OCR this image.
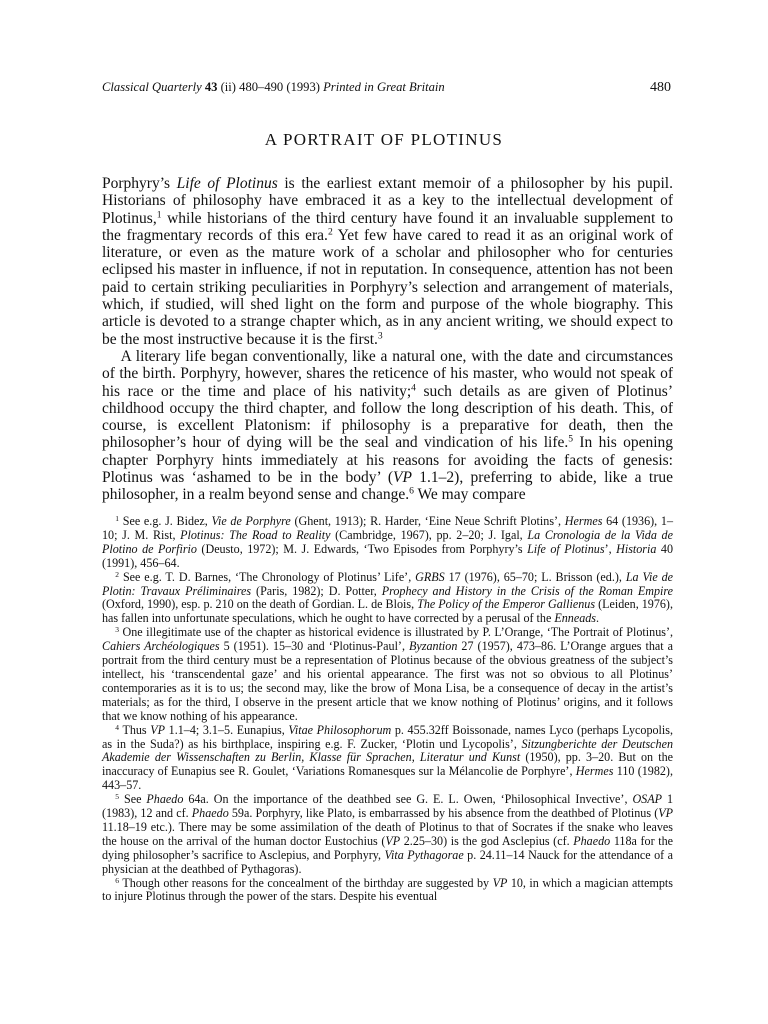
Classical Quarterly 43 (ii) 480–490 (1993) Printed in Great Britain	480
A PORTRAIT OF PLOTINUS

Porphyry’s Life of Plotinus is the earliest extant memoir of a philosopher by his pupil. Historians of philosophy have embraced it as a key to the intellectual development of Plotinus,$^1$ while historians of the third century have found it an invaluable supplement to the fragmentary records of this era.$^2$ Yet few have cared to read it as an original work of literature, or even as the mature work of a scholar and philosopher who for centuries eclipsed his master in influence, if not in reputation. In consequence, attention has not been paid to certain striking peculiarities in Porphyry’s selection and arrangement of materials, which, if studied, will shed light on the form and purpose of the whole biography. This article is devoted to a strange chapter which, as in any ancient writing, we should expect to be the most instructive because it is the first.$^3$

A literary life began conventionally, like a natural one, with the date and circumstances of the birth. Porphyry, however, shares the reticence of his master, who would not speak of his race or the time and place of his nativity;$^4$ such details as are given of Plotinus’ childhood occupy the third chapter, and follow the long description of his death. This, of course, is excellent Platonism: if philosophy is a preparative for death, then the philosopher’s hour of dying will be the seal and vindication of his life.$^5$ In his opening chapter Porphyry hints immediately at his reasons for avoiding the facts of genesis: Plotinus was ‘ashamed to be in the body’ (VP 1.1–2), preferring to abide, like a true philosopher, in a realm beyond sense and change.$^6$ We may compare

$^1$ See e.g. J. Bidez, Vie de Porphyre (Ghent, 1913); R. Harder, ‘Eine Neue Schrift Plotins’, Hermes 64 (1936), 1–10; J. M. Rist, Plotinus: The Road to Reality (Cambridge, 1967), pp. 2–20; J. Igal, La Cronologia de la Vida de Plotino de Porfirio (Deusto, 1972); M. J. Edwards, ‘Two Episodes from Porphyry’s Life of Plotinus’, Historia 40 (1991), 456–64.

$^2$ See e.g. T. D. Barnes, ‘The Chronology of Plotinus’ Life’, GRBS 17 (1976), 65–70; L. Brisson (ed.), La Vie de Plotin: Travaux Préliminaires (Paris, 1982); D. Potter, Prophecy and History in the Crisis of the Roman Empire (Oxford, 1990), esp. p. 210 on the death of Gordian. L. de Blois, The Policy of the Emperor Gallienus (Leiden, 1976), has fallen into unfortunate speculations, which he ought to have corrected by a perusal of the Enneads.

$^3$ One illegitimate use of the chapter as historical evidence is illustrated by P. L’Orange, ‘The Portrait of Plotinus’, Cahiers Archéologiques 5 (1951). 15–30 and ‘Plotinus-Paul’, Byzantion 27 (1957), 473–86. L’Orange argues that a portrait from the third century must be a representation of Plotinus because of the obvious greatness of the subject’s intellect, his ‘transcendental gaze’ and his oriental appearance. The first was not so obvious to all Plotinus’ contemporaries as it is to us; the second may, like the brow of Mona Lisa, be a consequence of decay in the artist’s materials; as for the third, I observe in the present article that we know nothing of Plotinus’ origins, and it follows that we know nothing of his appearance.

$^4$ Thus VP 1.1–4; 3.1–5. Eunapius, Vitae Philosophorum p. 455.32ff Boissonade, names Lyco (perhaps Lycopolis, as in the Suda?) as his birthplace, inspiring e.g. F. Zucker, ‘Plotin und Lycopolis’, Sitzungberichte der Deutschen Akademie der Wissenschaften zu Berlin, Klasse für Sprachen, Literatur und Kunst (1950), pp. 3–20. But on the inaccuracy of Eunapius see R. Goulet, ‘Variations Romanesques sur la Mélancolie de Porphyre’, Hermes 110 (1982), 443–57.

$^5$ See Phaedo 64a. On the importance of the deathbed see G. E. L. Owen, ‘Philosophical Invective’, OSAP 1 (1983), 12 and cf. Phaedo 59a. Porphyry, like Plato, is embarrassed by his absence from the deathbed of Plotinus (VP 11.18–19 etc.). There may be some assimilation of the death of Plotinus to that of Socrates if the snake who leaves the house on the arrival of the human doctor Eustochius (VP 2.25–30) is the god Asclepius (cf. Phaedo 118a for the dying philosopher’s sacrifice to Asclepius, and Porphyry, Vita Pythagorae p. 24.11–14 Nauck for the attendance of a physician at the deathbed of Pythagoras).

$^6$ Though other reasons for the concealment of the birthday are suggested by VP 10, in which a magician attempts to injure Plotinus through the power of the stars. Despite his eventual
